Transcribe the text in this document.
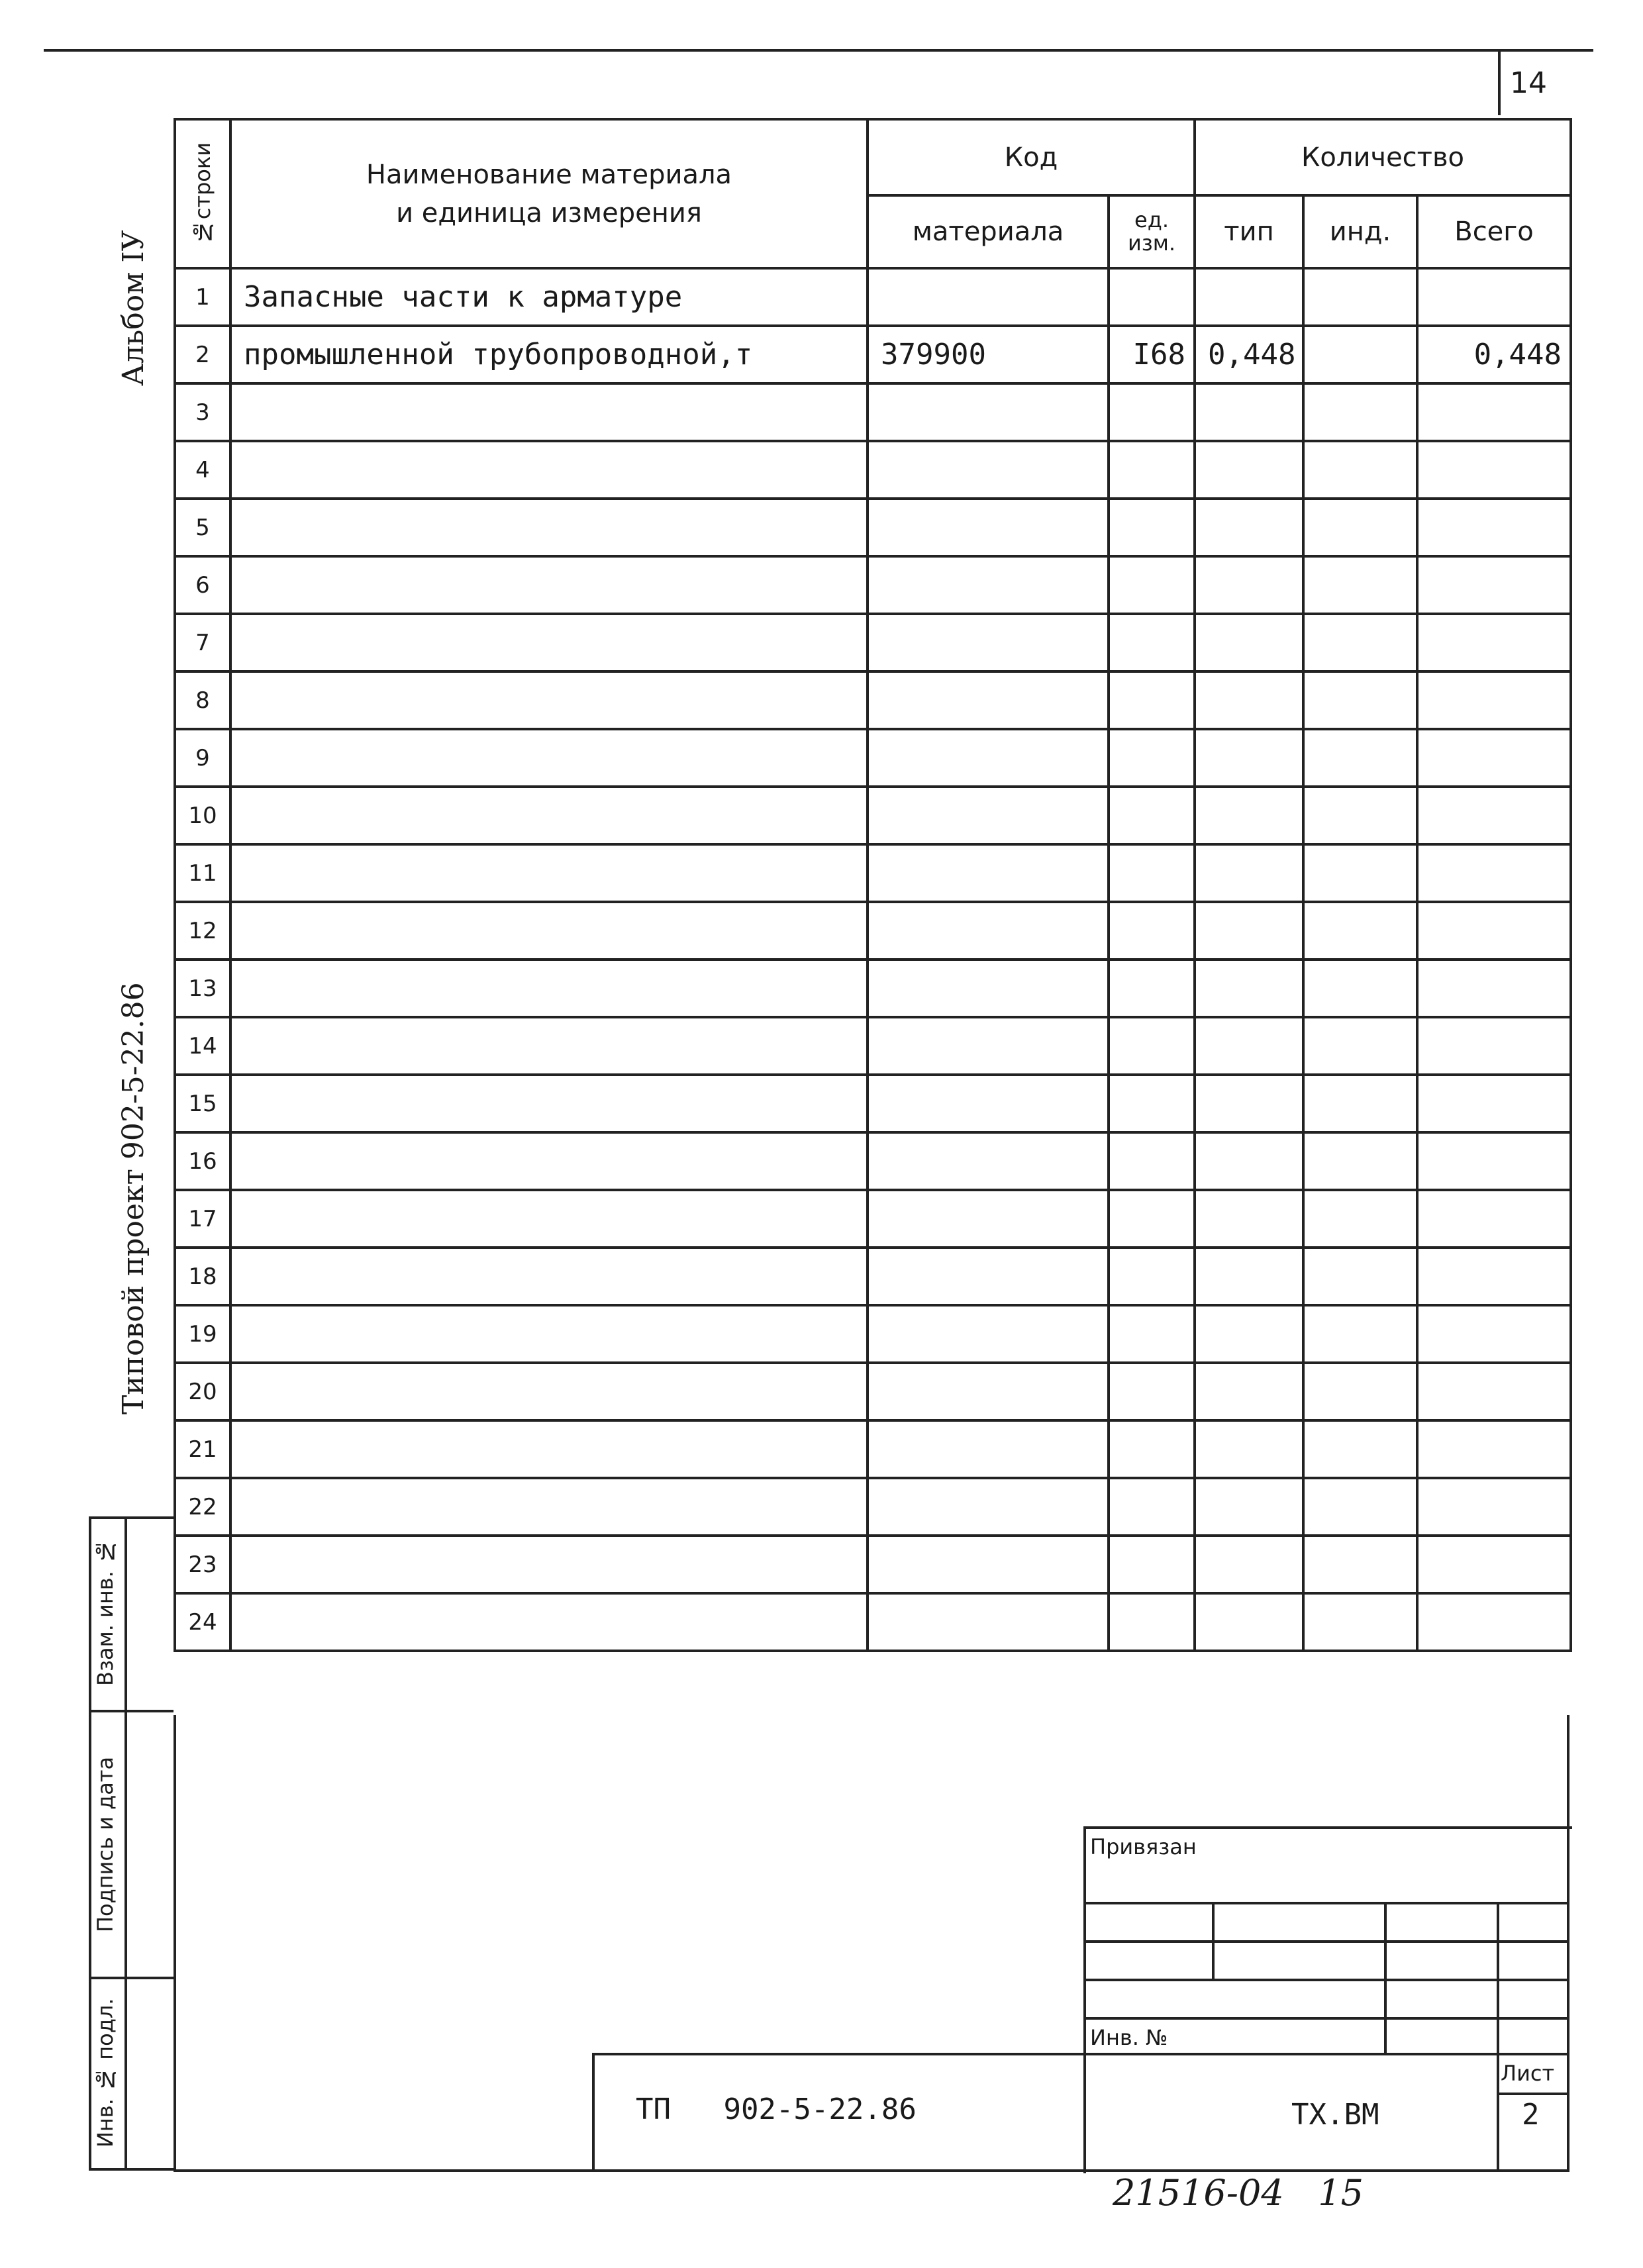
14
Альбом IУ
Типовой проект 902-5-22.86
Взам. инв. №
Подпись и дата
Инв. № подл.
№строки	Наименование материала
и единица измерения	Код		Количество		
		материала	ед. изм.	тип	инд.	Всего
1	Запасные части к арматуре					
2	промышленной трубопроводной,т	379900	I68	0,448		0,448
3						
4						
5						
6						
7						
8						
9						
10						
11						
12						
13						
14						
15						
16						
17						
18						
19						
20						
21						
22						
23						
24						
Привязан
Инв. №
ТП   902-5-22.86	ТХ.ВМ
Лист
2
21516-04   15
